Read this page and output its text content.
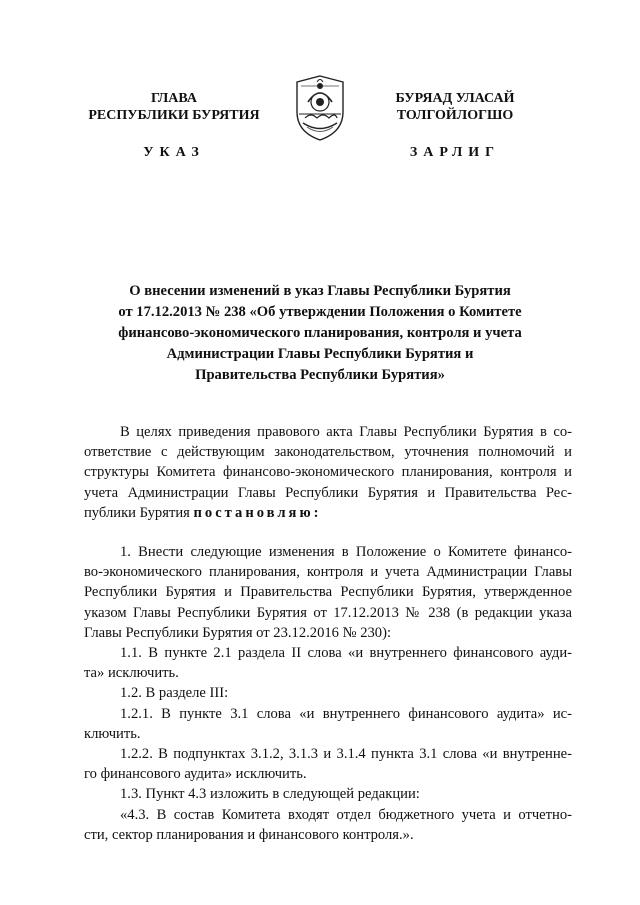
ГЛАВА
РЕСПУБЛИКИ БУРЯТИЯ
БУРЯАД УЛАСАЙ
ТОЛГОЙЛОГШО
УКАЗ	ЗАРЛИГ
О внесении изменений в указ Главы Республики Бурятия
от 17.12.2013 № 238 «Об утверждении Положения о Комитете
финансово-экономического планирования, контроля и учета
Администрации Главы Республики Бурятия и
Правительства Республики Бурятия»
В целях приведения правового акта Главы Республики Бурятия в со-
ответствие с действующим законодательством, уточнения полномочий и
структуры Комитета финансово-экономического планирования, контроля и
учета Администрации Главы Республики Бурятия и Правительства Рес-
публики Бурятия постановляю:
1. Внести следующие изменения в Положение о Комитете финансо-
во-экономического планирования, контроля и учета Администрации Главы
Республики Бурятия и Правительства Республики Бурятия, утвержденное
указом Главы Республики Бурятия от 17.12.2013 № 238 (в редакции указа
Главы Республики Бурятия от 23.12.2016 № 230):
1.1. В пункте 2.1 раздела II слова «и внутреннего финансового ауди-
та» исключить.
1.2. В разделе III:
1.2.1. В пункте 3.1 слова «и внутреннего финансового аудита» ис-
ключить.
1.2.2. В подпунктах 3.1.2, 3.1.3 и 3.1.4 пункта 3.1 слова «и внутренне-
го финансового аудита» исключить.
1.3. Пункт 4.3 изложить в следующей редакции:
«4.3. В состав Комитета входят отдел бюджетного учета и отчетно-
сти, сектор планирования и финансового контроля.».
